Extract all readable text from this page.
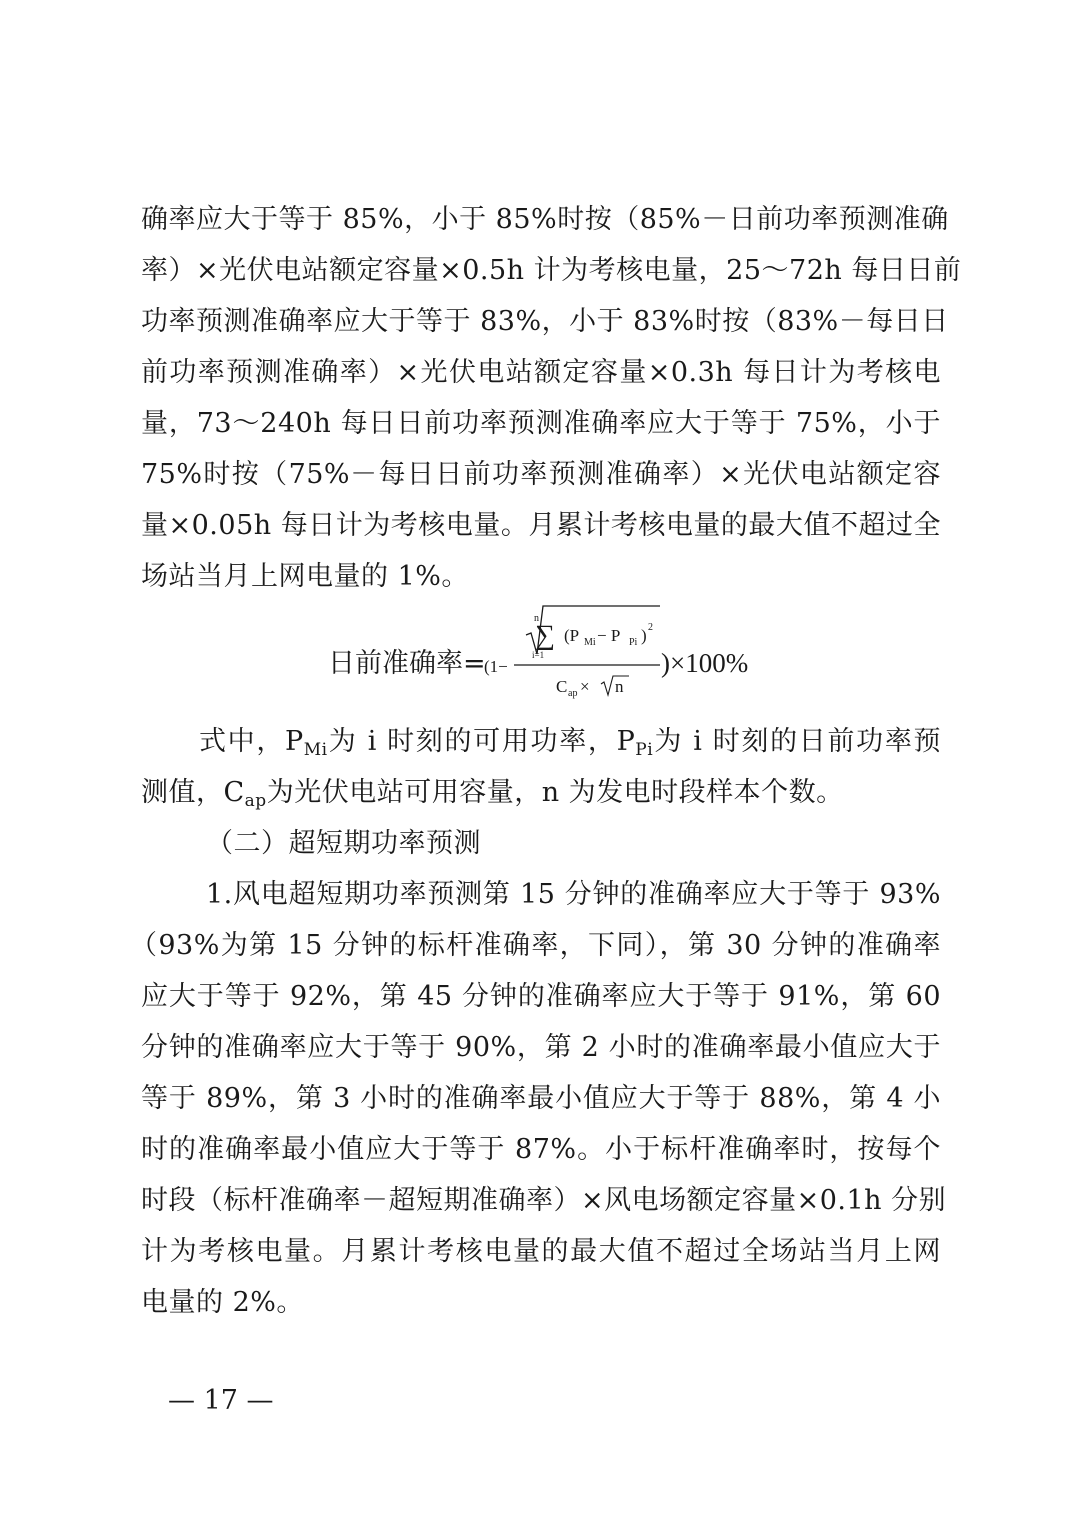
确率应大于等于 85%，小于 85%时按（85%－日前功率预测准确
率）×光伏电站额定容量×0.5h 计为考核电量，25～72h 每日日前
功率预测准确率应大于等于 83%，小于 83%时按（83%－每日日
前功率预测准确率）×光伏电站额定容量×0.3h 每日计为考核电
量，73～240h 每日日前功率预测准确率应大于等于 75%，小于
75%时按（75%－每日日前功率预测准确率）×光伏电站额定容
量×0.05h 每日计为考核电量。月累计考核电量的最大值不超过全
场站当月上网电量的 1%。
日前准确率=
(1−
n
∑
i=1
(P Mi − P Pi ) 2
C ap × n
)×100%
式中，$P_{Mi}$为 i 时刻的可用功率，$P_{Pi}$为 i 时刻的日前功率预
测值，$C_{ap}$为光伏电站可用容量，n 为发电时段样本个数。
（二）超短期功率预测
1.风电超短期功率预测第 15 分钟的准确率应大于等于 93%
（93%为第 15 分钟的标杆准确率，下同），第 30 分钟的准确率
应大于等于 92%，第 45 分钟的准确率应大于等于 91%，第 60
分钟的准确率应大于等于 90%，第 2 小时的准确率最小值应大于
等于 89%，第 3 小时的准确率最小值应大于等于 88%，第 4 小
时的准确率最小值应大于等于 87%。小于标杆准确率时，按每个
时段（标杆准确率－超短期准确率）×风电场额定容量×0.1h 分别
计为考核电量。月累计考核电量的最大值不超过全场站当月上网
电量的 2%。
— 17 —
